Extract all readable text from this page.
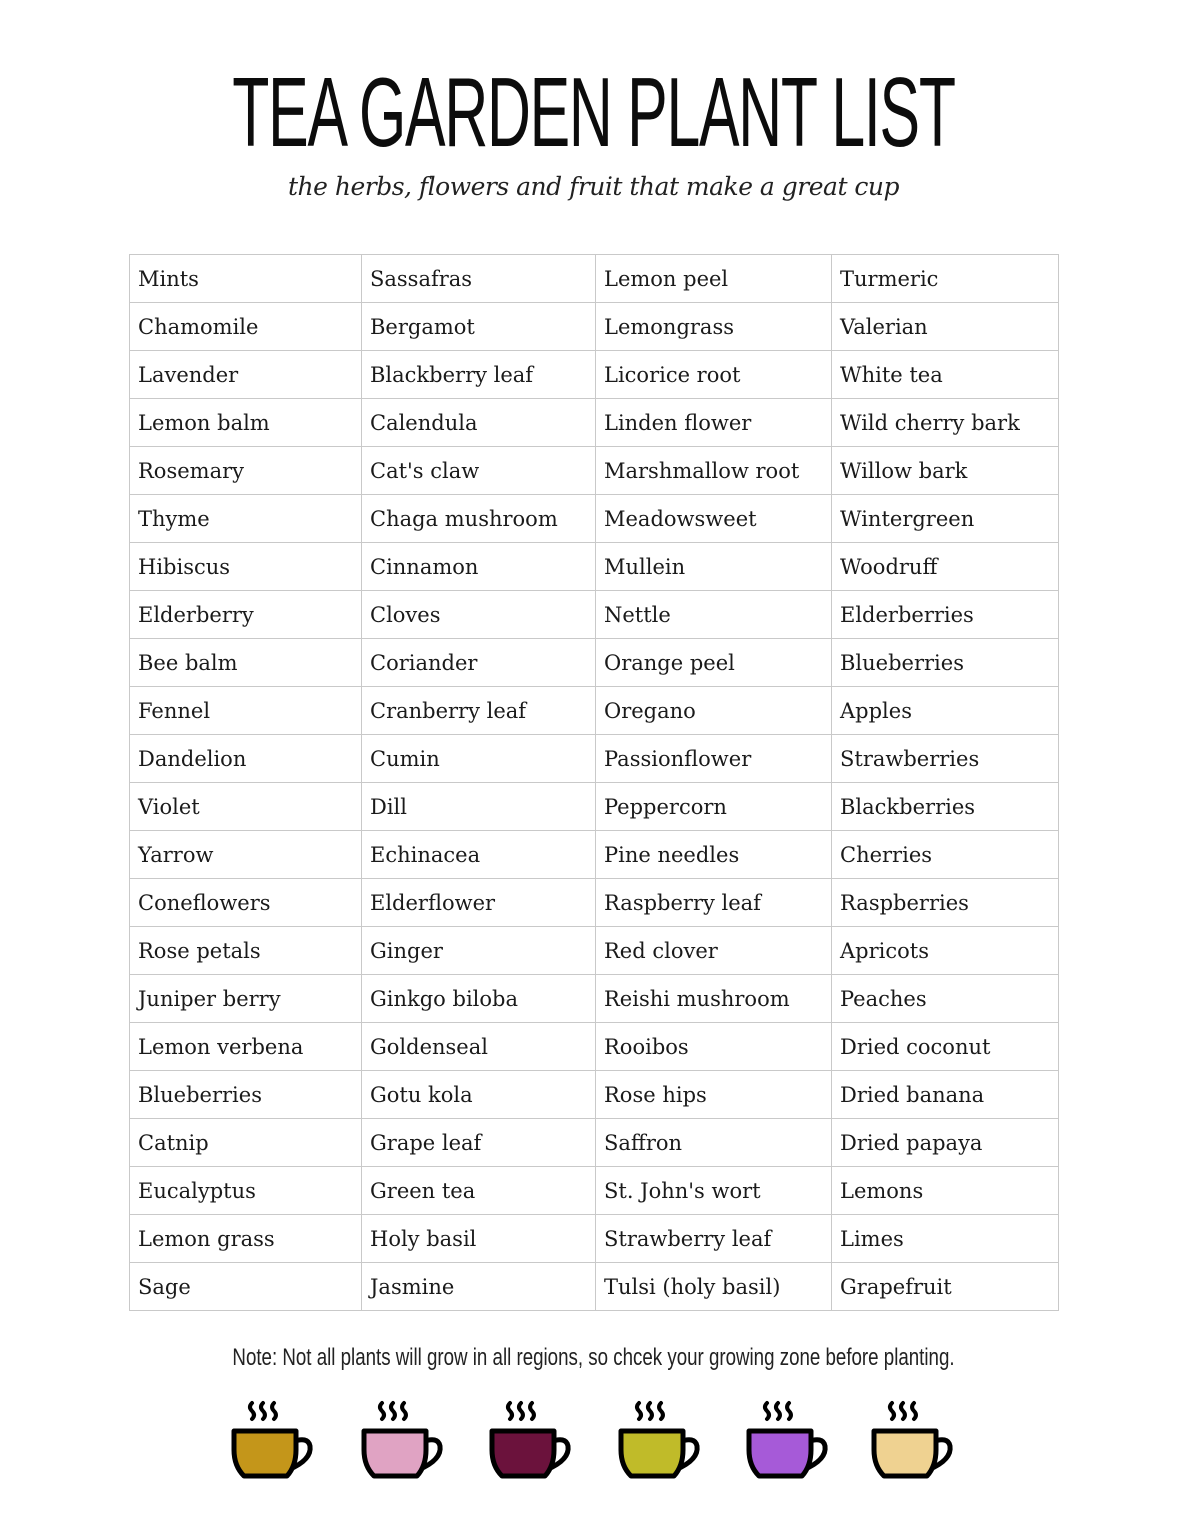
TEA GARDEN PLANT LIST
the herbs, flowers and fruit that make a great cup
Mints	Sassafras	Lemon peel	Turmeric
Chamomile	Bergamot	Lemongrass	Valerian
Lavender	Blackberry leaf	Licorice root	White tea
Lemon balm	Calendula	Linden flower	Wild cherry bark
Rosemary	Cat's claw	Marshmallow root	Willow bark
Thyme	Chaga mushroom	Meadowsweet	Wintergreen
Hibiscus	Cinnamon	Mullein	Woodruff
Elderberry	Cloves	Nettle	Elderberries
Bee balm	Coriander	Orange peel	Blueberries
Fennel	Cranberry leaf	Oregano	Apples
Dandelion	Cumin	Passionflower	Strawberries
Violet	Dill	Peppercorn	Blackberries
Yarrow	Echinacea	Pine needles	Cherries
Coneflowers	Elderflower	Raspberry leaf	Raspberries
Rose petals	Ginger	Red clover	Apricots
Juniper berry	Ginkgo biloba	Reishi mushroom	Peaches
Lemon verbena	Goldenseal	Rooibos	Dried coconut
Blueberries	Gotu kola	Rose hips	Dried banana
Catnip	Grape leaf	Saffron	Dried papaya
Eucalyptus	Green tea	St. John's wort	Lemons
Lemon grass	Holy basil	Strawberry leaf	Limes
Sage	Jasmine	Tulsi (holy basil)	Grapefruit
Note: Not all plants will grow in all regions, so chcek your growing zone before planting.
